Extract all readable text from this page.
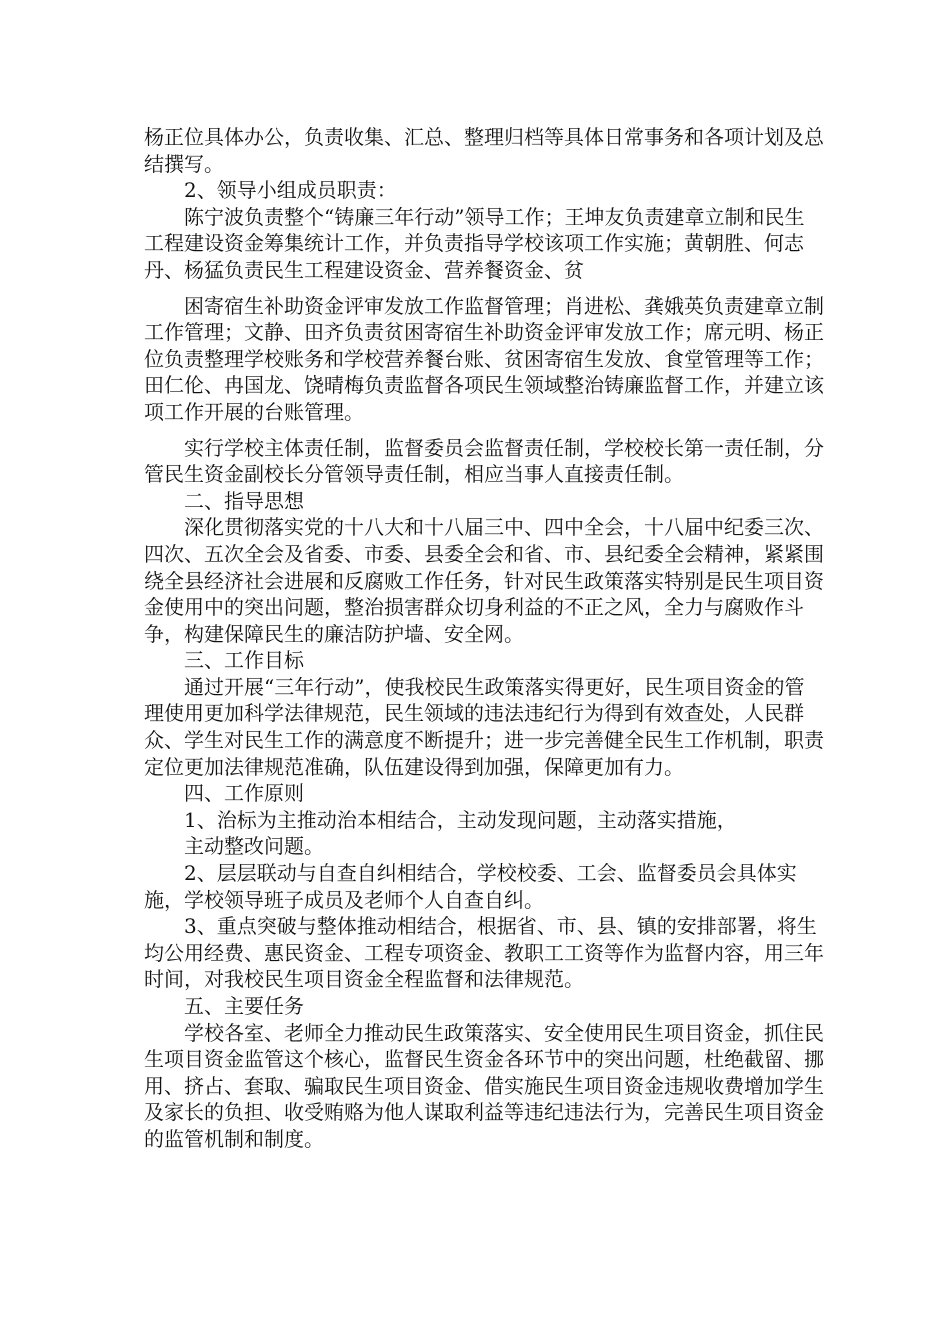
杨正位具体办公，负责收集、汇总、整理归档等具体日常事务和各项计划及总结撰写。

2、领导小组成员职责：

陈宁波负责整个“铸廉三年行动”领导工作；王坤友负责建章立制和民生工程建设资金筹集统计工作，并负责指导学校该项工作实施；黄朝胜、何志丹、杨猛负责民生工程建设资金、营养餐资金、贫

困寄宿生补助资金评审发放工作监督管理；肖进松、龚娥英负责建章立制工作管理；文静、田齐负责贫困寄宿生补助资金评审发放工作；席元明、杨正位负责整理学校账务和学校营养餐台账、贫困寄宿生发放、食堂管理等工作；田仁伦、冉国龙、饶晴梅负责监督各项民生领域整治铸廉监督工作，并建立该项工作开展的台账管理。

实行学校主体责任制，监督委员会监督责任制，学校校长第一责任制，分管民生资金副校长分管领导责任制，相应当事人直接责任制。

二、指导思想

深化贯彻落实党的十八大和十八届三中、四中全会，十八届中纪委三次、四次、五次全会及省委、市委、县委全会和省、市、县纪委全会精神，紧紧围绕全县经济社会进展和反腐败工作任务，针对民生政策落实特别是民生项目资金使用中的突出问题，整治损害群众切身利益的不正之风，全力与腐败作斗争，构建保障民生的廉洁防护墙、安全网。

三、工作目标

通过开展“三年行动”，使我校民生政策落实得更好，民生项目资金的管理使用更加科学法律规范，民生领域的违法违纪行为得到有效查处，人民群众、学生对民生工作的满意度不断提升；进一步完善健全民生工作机制，职责定位更加法律规范准确，队伍建设得到加强，保障更加有力。

四、工作原则

1、治标为主推动治本相结合，主动发现问题，主动落实措施，

主动整改问题。

2、层层联动与自查自纠相结合，学校校委、工会、监督委员会具体实施，学校领导班子成员及老师个人自查自纠。

3、重点突破与整体推动相结合，根据省、市、县、镇的安排部署，将生均公用经费、惠民资金、工程专项资金、教职工工资等作为监督内容，用三年时间，对我校民生项目资金全程监督和法律规范。

五、主要任务

学校各室、老师全力推动民生政策落实、安全使用民生项目资金，抓住民生项目资金监管这个核心，监督民生资金各环节中的突出问题，杜绝截留、挪用、挤占、套取、骗取民生项目资金、借实施民生项目资金违规收费增加学生及家长的负担、收受贿赂为他人谋取利益等违纪违法行为，完善民生项目资金的监管机制和制度。
